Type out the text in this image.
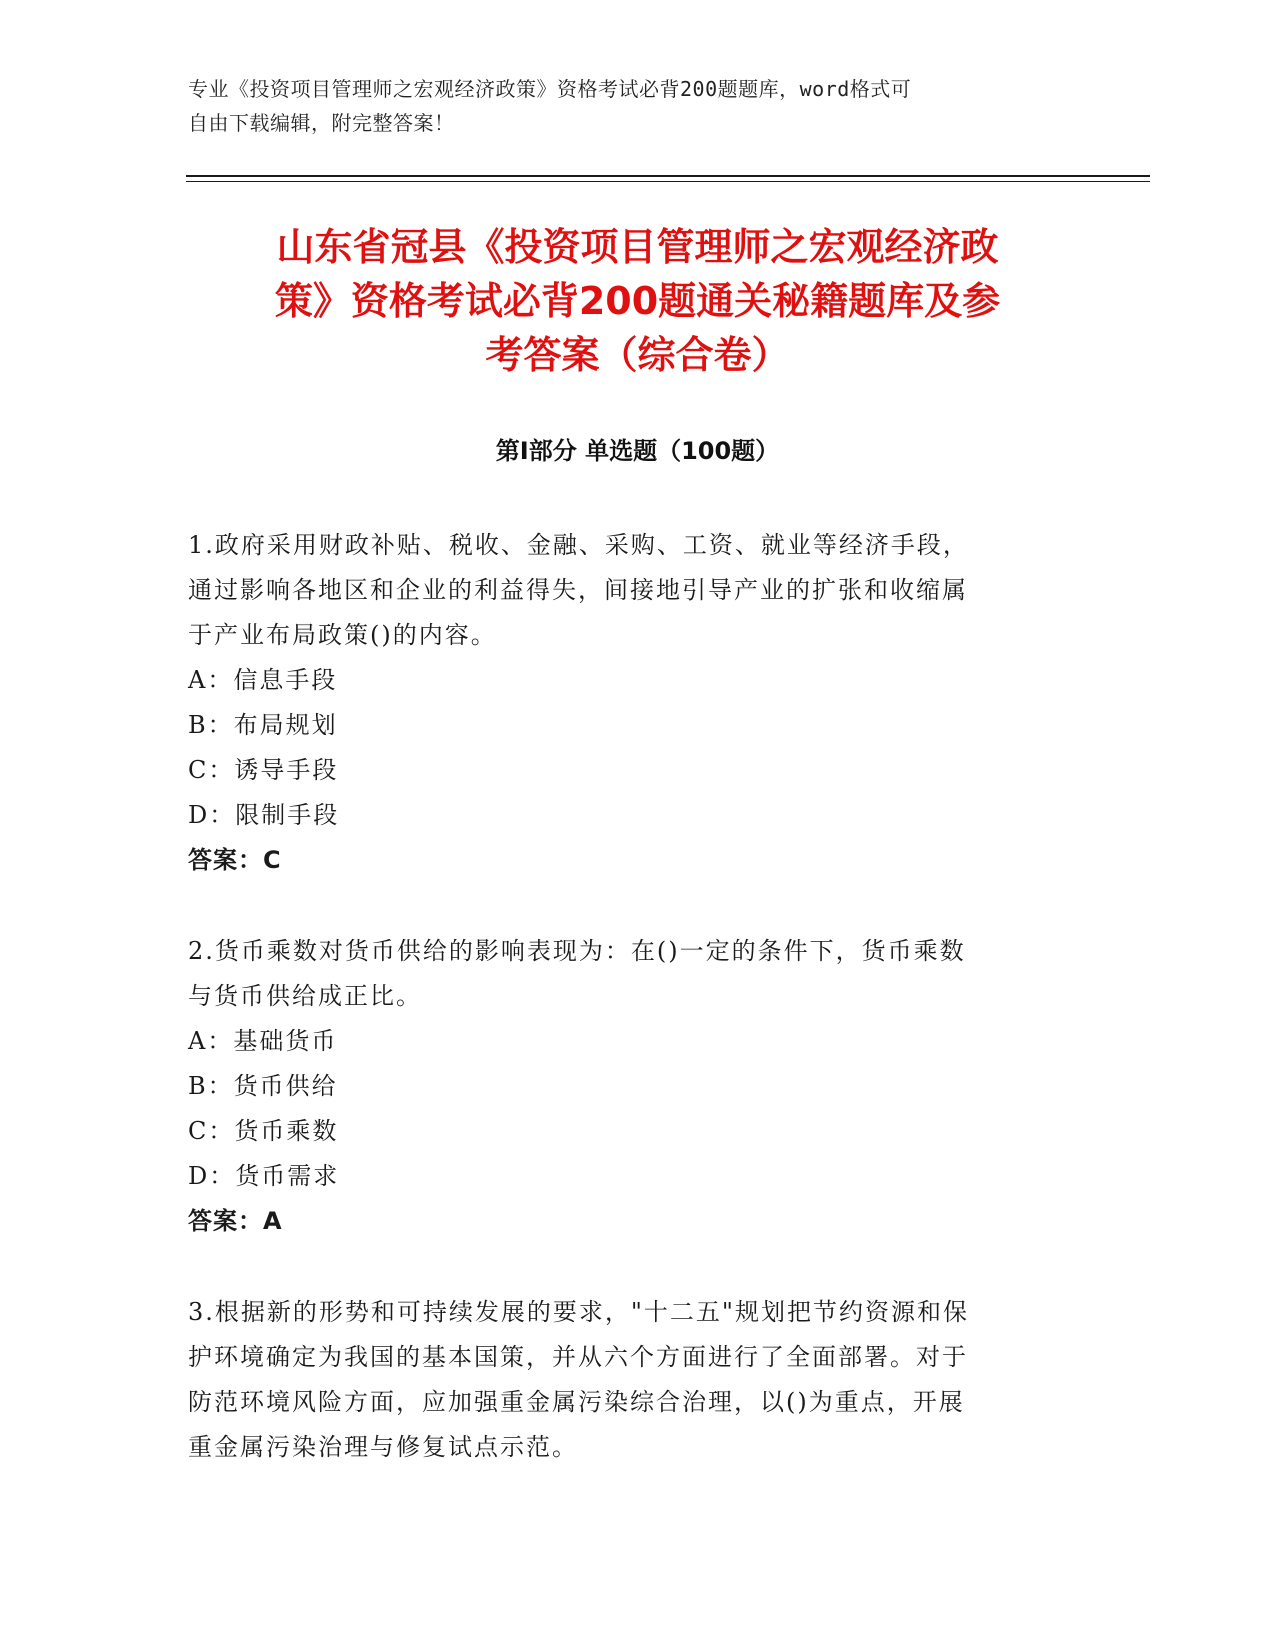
专业《投资项目管理师之宏观经济政策》资格考试必背200题题库，word格式可
自由下载编辑，附完整答案！
山东省冠县《投资项目管理师之宏观经济政
策》资格考试必背200题通关秘籍题库及参
考答案（综合卷）
第Ⅰ部分 单选题（100题）
1.政府采用财政补贴、税收、金融、采购、工资、就业等经济手段，
通过影响各地区和企业的利益得失，间接地引导产业的扩张和收缩属
于产业布局政策()的内容。
A：信息手段
B：布局规划
C：诱导手段
D：限制手段
答案：C
2.货币乘数对货币供给的影响表现为：在()一定的条件下，货币乘数
与货币供给成正比。
A：基础货币
B：货币供给
C：货币乘数
D：货币需求
答案：A
3.根据新的形势和可持续发展的要求，"十二五"规划把节约资源和保
护环境确定为我国的基本国策，并从六个方面进行了全面部署。对于
防范环境风险方面，应加强重金属污染综合治理，以()为重点，开展
重金属污染治理与修复试点示范。
